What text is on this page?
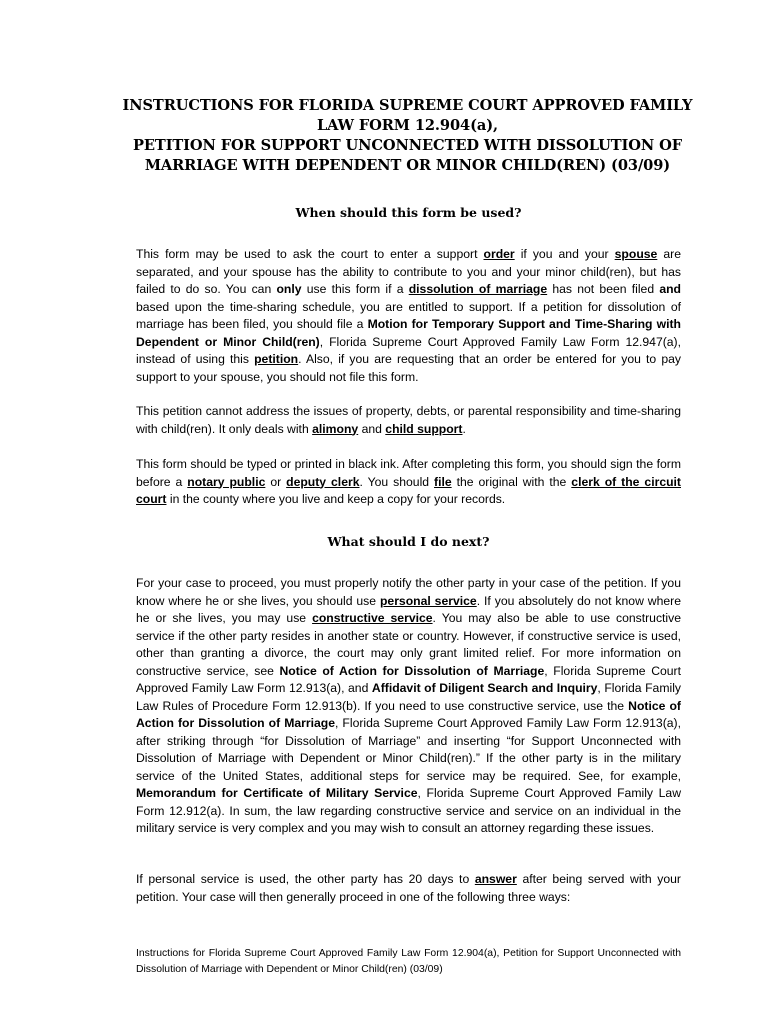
INSTRUCTIONS FOR FLORIDA SUPREME COURT APPROVED FAMILY
LAW FORM 12.904(a),
PETITION FOR SUPPORT UNCONNECTED WITH DISSOLUTION OF
MARRIAGE WITH DEPENDENT OR MINOR CHILD(REN) (03/09)
When should this form be used?

This form may be used to ask the court to enter a support order if you and your spouse are separated, and your spouse has the ability to contribute to you and your minor child(ren), but has failed to do so. You can only use this form if a dissolution of marriage has not been filed and based upon the time-sharing schedule, you are entitled to support. If a petition for dissolution of marriage has been filed, you should file a Motion for Temporary Support and Time-Sharing with Dependent or Minor Child(ren), Florida Supreme Court Approved Family Law Form 12.947(a), instead of using this petition. Also, if you are requesting that an order be entered for you to pay support to your spouse, you should not file this form.

This petition cannot address the issues of property, debts, or parental responsibility and time-sharing with child(ren). It only deals with alimony and child support.

This form should be typed or printed in black ink. After completing this form, you should sign the form before a notary public or deputy clerk. You should file the original with the clerk of the circuit court in the county where you live and keep a copy for your records.

What should I do next?

For your case to proceed, you must properly notify the other party in your case of the petition. If you know where he or she lives, you should use personal service. If you absolutely do not know where he or she lives, you may use constructive service. You may also be able to use constructive service if the other party resides in another state or country. However, if constructive service is used, other than granting a divorce, the court may only grant limited relief. For more information on constructive service, see Notice of Action for Dissolution of Marriage, Florida Supreme Court Approved Family Law Form 12.913(a), and Affidavit of Diligent Search and Inquiry, Florida Family Law Rules of Procedure Form 12.913(b). If you need to use constructive service, use the Notice of Action for Dissolution of Marriage, Florida Supreme Court Approved Family Law Form 12.913(a), after striking through “for Dissolution of Marriage” and inserting “for Support Unconnected with Dissolution of Marriage with Dependent or Minor Child(ren).” If the other party is in the military service of the United States, additional steps for service may be required. See, for example, Memorandum for Certificate of Military Service, Florida Supreme Court Approved Family Law Form 12.912(a). In sum, the law regarding constructive service and service on an individual in the military service is very complex and you may wish to consult an attorney regarding these issues.

If personal service is used, the other party has 20 days to answer after being served with your petition. Your case will then generally proceed in one of the following three ways:

Instructions for Florida Supreme Court Approved Family Law Form 12.904(a), Petition for Support Unconnected with Dissolution of Marriage with Dependent or Minor Child(ren) (03/09)
